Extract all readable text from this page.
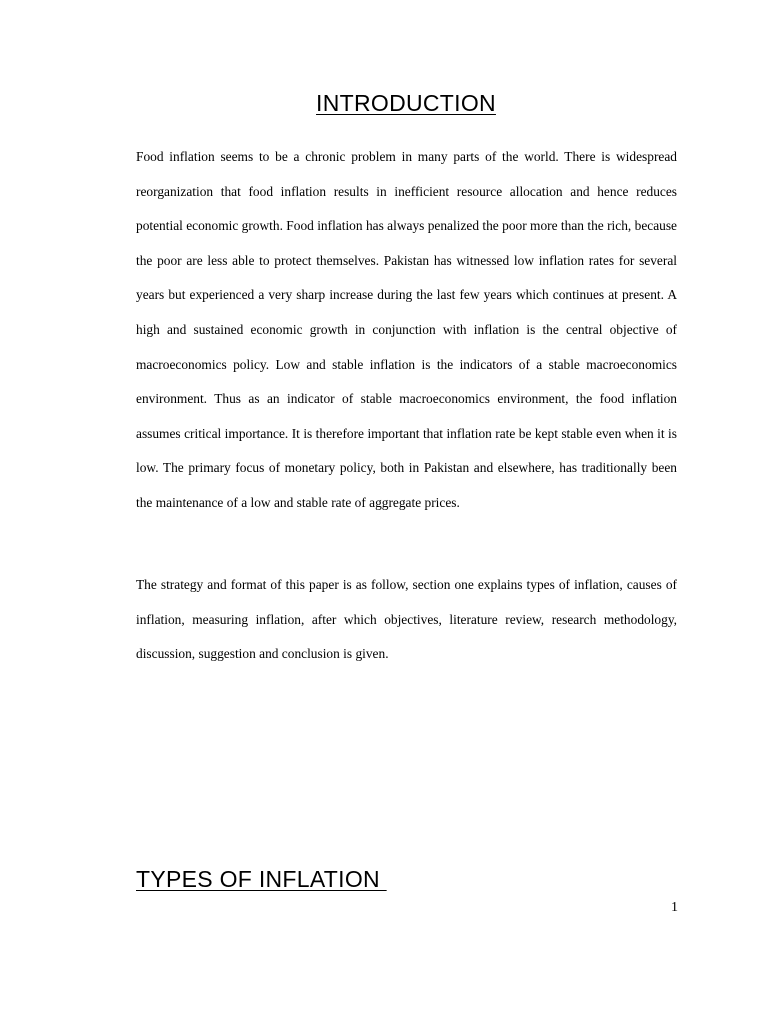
INTRODUCTION

Food inflation seems to be a chronic problem in many parts of the world. There is widespread reorganization that food inflation results in inefficient resource allocation and hence reduces potential economic growth. Food inflation has always penalized the poor more than the rich, because the poor are less able to protect themselves. Pakistan has witnessed low inflation rates for several years but experienced a very sharp increase during the last few years which continues at present. A high and sustained economic growth in conjunction with inflation is the central objective of macroeconomics policy. Low and stable inflation is the indicators of a stable macroeconomics environment. Thus as an indicator of stable macroeconomics environment, the food inflation assumes critical importance. It is therefore important that inflation rate be kept stable even when it is low. The primary focus of monetary policy, both in Pakistan and elsewhere, has traditionally been the maintenance of a low and stable rate of aggregate prices.

The strategy and format of this paper is as follow, section one explains types of inflation, causes of inflation, measuring inflation, after which objectives, literature review, research methodology, discussion, suggestion and conclusion is given.

TYPES OF INFLATION
1
